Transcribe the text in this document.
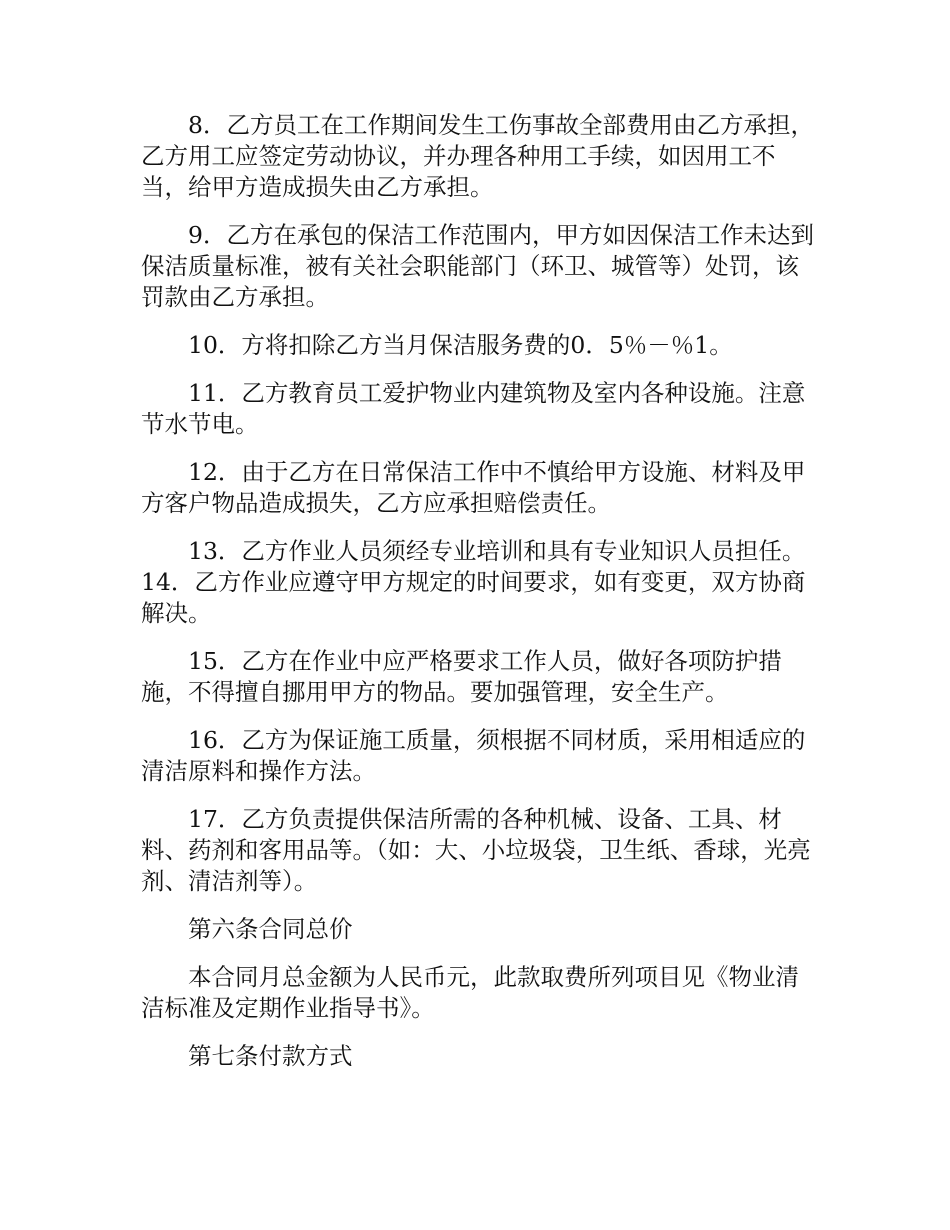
8．乙方员工在工作期间发生工伤事故全部费用由乙方承担，乙方用工应签定劳动协议，并办理各种用工手续，如因用工不当，给甲方造成损失由乙方承担。

9．乙方在承包的保洁工作范围内，甲方如因保洁工作未达到保洁质量标准，被有关社会职能部门（环卫、城管等）处罚，该罚款由乙方承担。

10．方将扣除乙方当月保洁服务费的0．5％－％1。

11．乙方教育员工爱护物业内建筑物及室内各种设施。注意节水节电。

12．由于乙方在日常保洁工作中不慎给甲方设施、材料及甲方客户物品造成损失，乙方应承担赔偿责任。

13．乙方作业人员须经专业培训和具有专业知识人员担任。

14．乙方作业应遵守甲方规定的时间要求，如有变更，双方协商解决。

15．乙方在作业中应严格要求工作人员，做好各项防护措施，不得擅自挪用甲方的物品。要加强管理，安全生产。

16．乙方为保证施工质量，须根据不同材质，采用相适应的清洁原料和操作方法。

17．乙方负责提供保洁所需的各种机械、设备、工具、材料、药剂和客用品等。（如：大、小垃圾袋，卫生纸、香球，光亮剂、清洁剂等）。

第六条合同总价

本合同月总金额为人民币元，此款取费所列项目见《物业清洁标准及定期作业指导书》。

第七条付款方式
